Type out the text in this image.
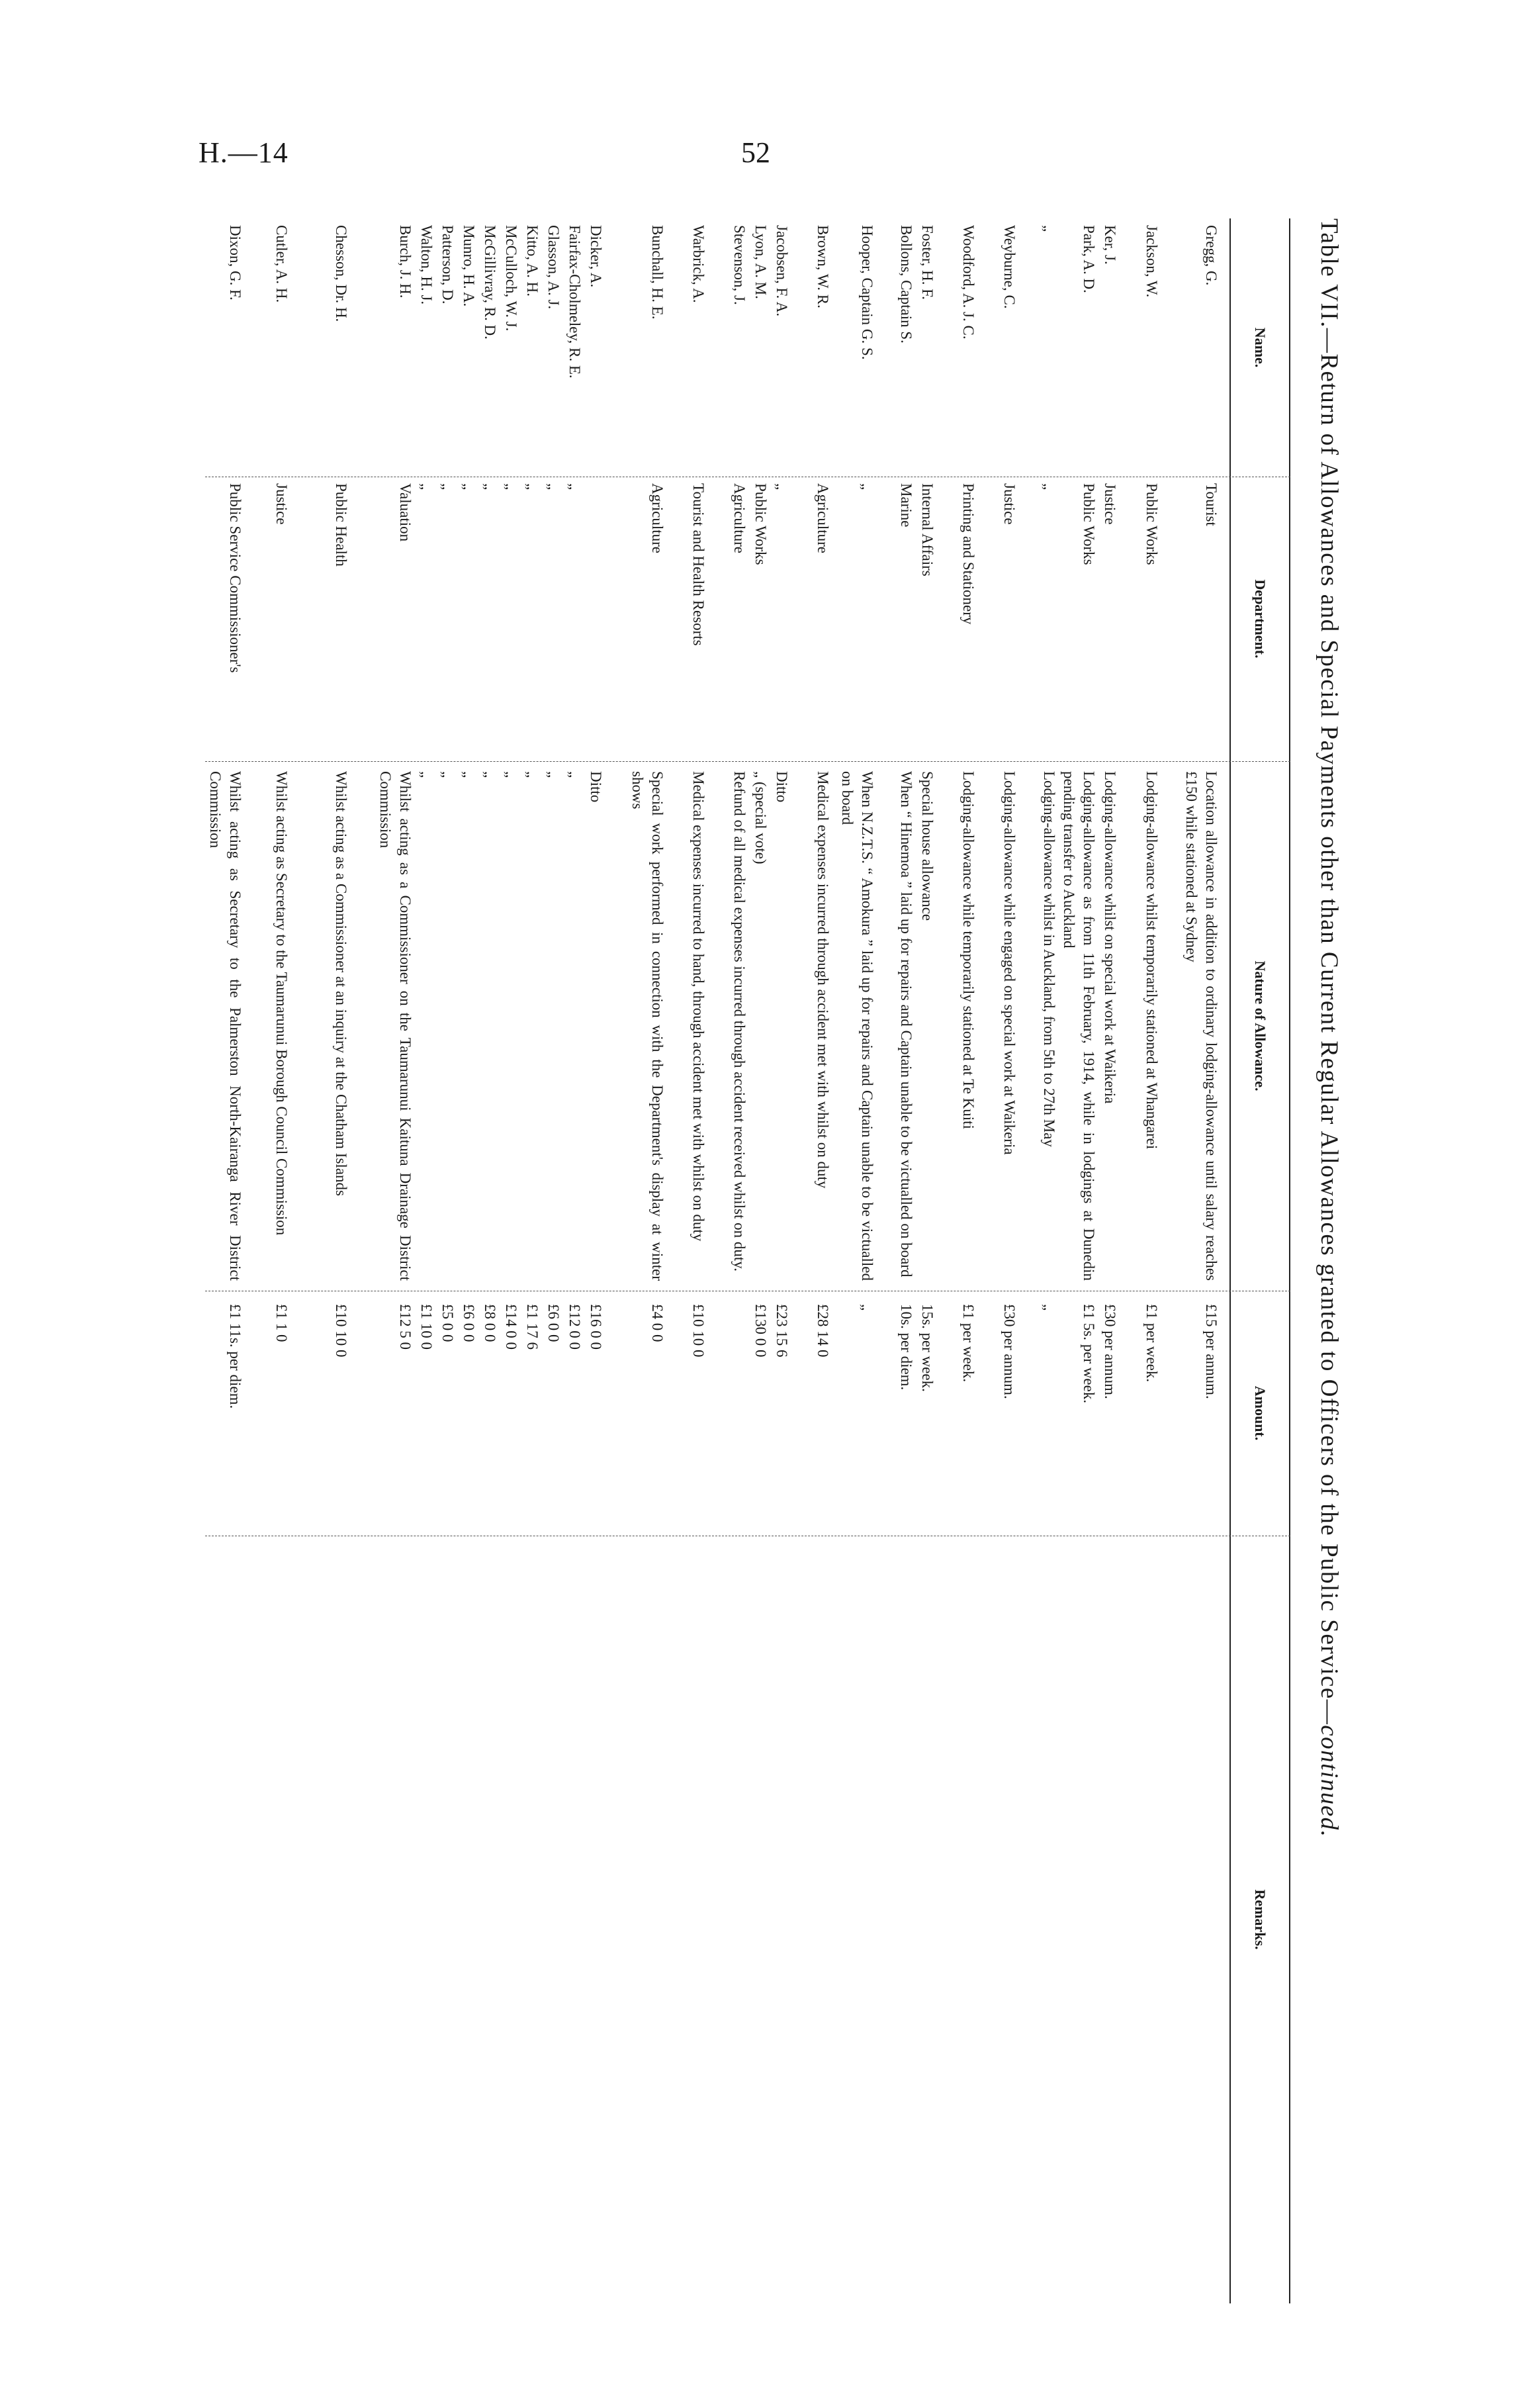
H.—14	52
Table VII.—Return of Allowances and Special Payments other than Current Regular Allowances granted to Officers of the Public Service—continued.
Name.
Department.
Nature of Allowance.
Amount.
Remarks.
Gregg, G.
Tourist
Location allowance in addition to ordinary lodging-allowance until salary reaches £150 while stationed at Sydney
£15 per annum.
Jackson, W.
Public Works
Lodging-allowance whilst temporarily stationed at Whangarei
£1 per week.
Ker, J.
Justice
Lodging-allowance whilst on special work at Waikeria
£30 per annum.
Park, A. D.
Public Works
Lodging-allowance as from 11th February, 1914, while in lodgings at Dunedin pending transfer to Auckland
£1 5s. per week.
„
„
Lodging-allowance whilst in Auckland, from 5th to 27th May
„
Weyburne, C.
Justice
Lodging-allowance while engaged on special work at Waikeria
£30 per annum.
Woodford, A. J. C.
Printing and Stationery
Lodging-allowance while temporarily stationed at Te Kuiti
£1 per week.
Foster, H. F.
Internal Affairs
Special house allowance
15s. per week.
Bollons, Captain S.
Marine
When “ Hinemoa ” laid up for repairs and Captain unable to be victualled on board
10s. per diem.
Hooper, Captain G. S.
„
When N.Z.T.S. “ Amokura ” laid up for repairs and Captain unable to be victualled on board
„
Brown, W. R.
Agriculture
Medical expenses incurred through accident met with whilst on duty
£28 14 0
Jacobsen, F. A.
„
Ditto
£23 15 6
Lyon, A. M.
Public Works
„ (special vote)
£130 0 0
Stevenson, J.
Agriculture
Refund of all medical expenses incurred through accident received whilst on duty.
Warbrick, A.
Tourist and Health Resorts
Medical expenses incurred to hand, through accident met with whilst on duty
£10 10 0
Bunchall, H. E.
Agriculture
Special work performed in connection with the Department's display at winter shows
£4 0 0
Dicker, A.
Ditto
£16 0 0
Fairfax-Cholmeley, R. E.
„
„
£12 0 0
Glasson, A. J.
„
„
£6 0 0
Kitto, A. H.
„
„
£1 17 6
McCulloch, W. J.
„
„
£14 0 0
McGillivray, R. D.
„
„
£8 0 0
Munro, H. A.
„
„
£6 0 0
Patterson, D.
„
„
£5 0 0
Walton, H. J.
„
„
£1 10 0
Burch, J. H.
Valuation
Whilst acting as a Commissioner on the Taumarunui Kaituna Drainage District Commission
£12 5 0
Chesson, Dr. H.
Public Health
Whilst acting as a Commissioner at an inquiry at the Chatham Islands
£10 10 0
Cutler, A. H.
Justice
Whilst acting as Secretary to the Taumarunui Borough Council Commission
£1 1 0
Dixon, G. F.
Public Service Commissioner's
Whilst acting as Secretary to the Palmerston North-Kairanga River District Commission
£1 11s. per diem.
